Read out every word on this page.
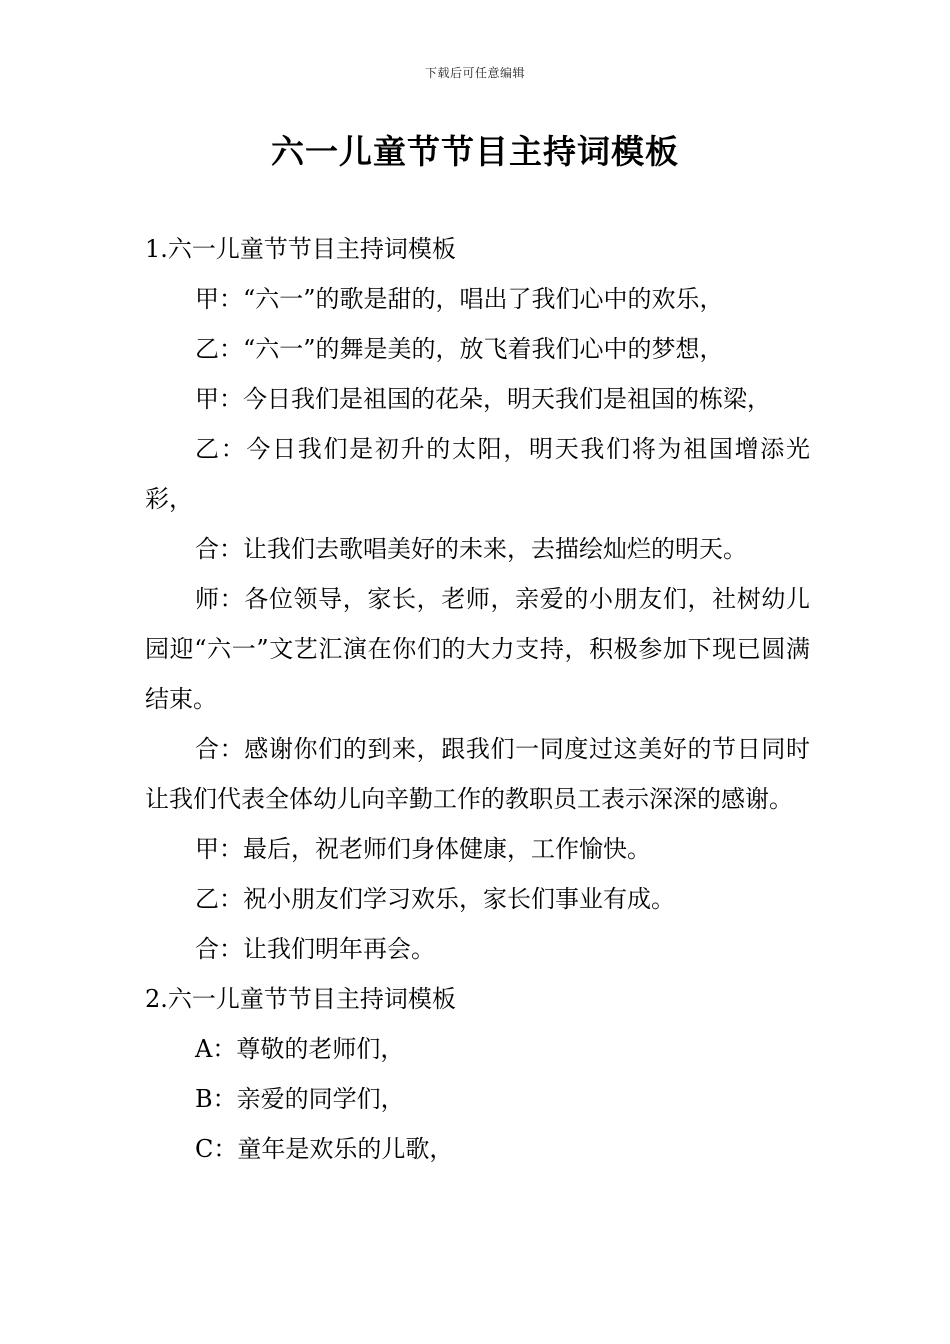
下载后可任意编辑
六一儿童节节目主持词模板

1.六一儿童节节目主持词模板

甲：“六一”的歌是甜的，唱出了我们心中的欢乐，

乙：“六一”的舞是美的，放飞着我们心中的梦想，

甲：今日我们是祖国的花朵，明天我们是祖国的栋梁，

乙：今日我们是初升的太阳，明天我们将为祖国增添光彩，

合：让我们去歌唱美好的未来，去描绘灿烂的明天。

师：各位领导，家长，老师，亲爱的小朋友们，社树幼儿园迎“六一”文艺汇演在你们的大力支持，积极参加下现已圆满结束。

合：感谢你们的到来，跟我们一同度过这美好的节日同时让我们代表全体幼儿向辛勤工作的教职员工表示深深的感谢。

甲：最后，祝老师们身体健康，工作愉快。

乙：祝小朋友们学习欢乐，家长们事业有成。

合：让我们明年再会。

2.六一儿童节节目主持词模板

A：尊敬的老师们，

B：亲爱的同学们，

C：童年是欢乐的儿歌，
